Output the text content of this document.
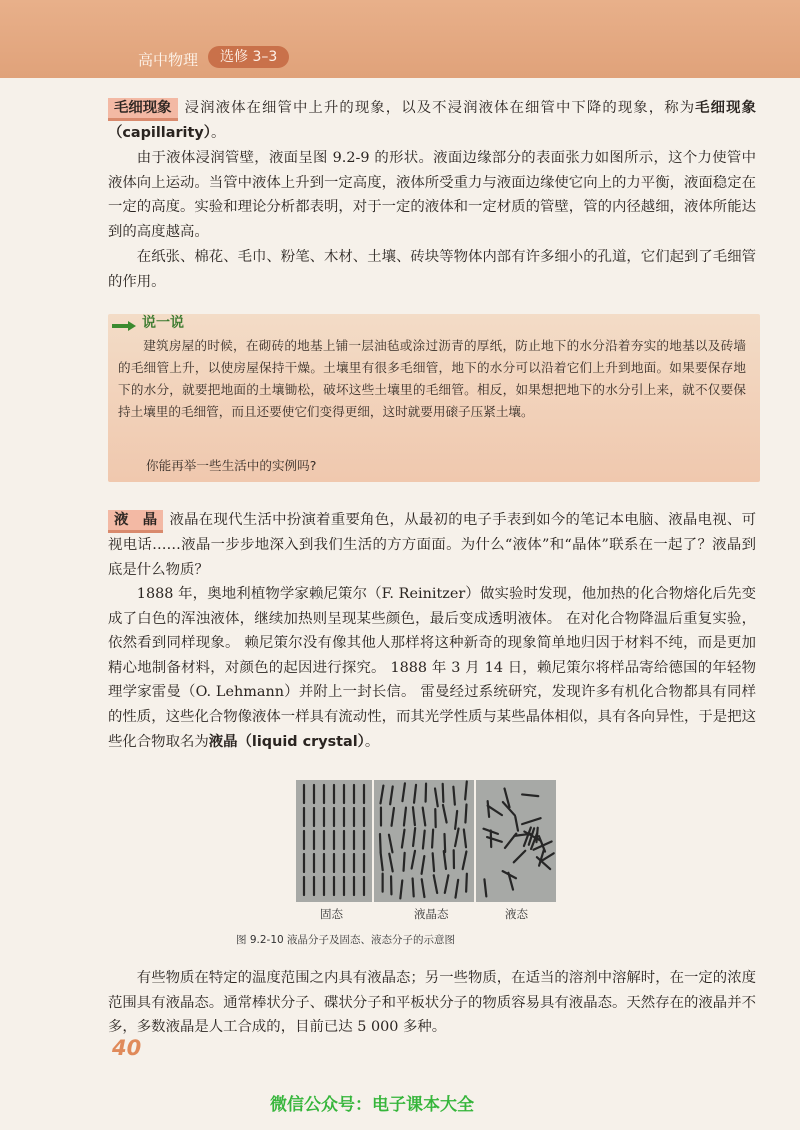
高中物理	选修 3–3

毛细现象 浸润液体在细管中上升的现象，以及不浸润液体在细管中下降的现象，称为毛细现象（capillarity）。

由于液体浸润管壁，液面呈图 9.2-9 的形状。液面边缘部分的表面张力如图所示，这个力使管中液体向上运动。当管中液体上升到一定高度，液体所受重力与液面边缘使它向上的力平衡，液面稳定在一定的高度。实验和理论分析都表明，对于一定的液体和一定材质的管壁，管的内径越细，液体所能达到的高度越高。

在纸张、棉花、毛巾、粉笔、木材、土壤、砖块等物体内部有许多细小的孔道，它们起到了毛细管的作用。

说一说

建筑房屋的时候，在砌砖的地基上铺一层油毡或涂过沥青的厚纸，防止地下的水分沿着夯实的地基以及砖墙的毛细管上升，以使房屋保持干燥。土壤里有很多毛细管，地下的水分可以沿着它们上升到地面。如果要保存地下的水分，就要把地面的土壤锄松，破坏这些土壤里的毛细管。相反，如果想把地下的水分引上来，就不仅要保持土壤里的毛细管，而且还要使它们变得更细，这时就要用磙子压紧土壤。

你能再举一些生活中的实例吗?

液　晶 液晶在现代生活中扮演着重要角色，从最初的电子手表到如今的笔记本电脑、液晶电视、可视电话……液晶一步步地深入到我们生活的方方面面。为什么“液体”和“晶体”联系在一起了？液晶到底是什么物质？

1888 年，奥地利植物学家赖尼策尔（F. Reinitzer）做实验时发现，他加热的化合物熔化后先变成了白色的浑浊液体，继续加热则呈现某些颜色，最后变成透明液体。 在对化合物降温后重复实验，依然看到同样现象。 赖尼策尔没有像其他人那样将这种新奇的现象简单地归因于材料不纯，而是更加精心地制备材料，对颜色的起因进行探究。 1888 年 3 月 14 日，赖尼策尔将样品寄给德国的年轻物理学家雷曼（O. Lehmann）并附上一封长信。 雷曼经过系统研究，发现许多有机化合物都具有同样的性质，这些化合物像液体一样具有流动性，而其光学性质与某些晶体相似，具有各向异性，于是把这些化合物取名为液晶（liquid crystal）。

固态	液晶态	液态
图 9.2-10 液晶分子及固态、液态分子的示意图

有些物质在特定的温度范围之内具有液晶态；另一些物质，在适当的溶剂中溶解时，在一定的浓度范围具有液晶态。通常棒状分子、碟状分子和平板状分子的物质容易具有液晶态。天然存在的液晶并不多，多数液晶是人工合成的，目前已达 5 000 多种。

40
微信公众号：电子课本大全
